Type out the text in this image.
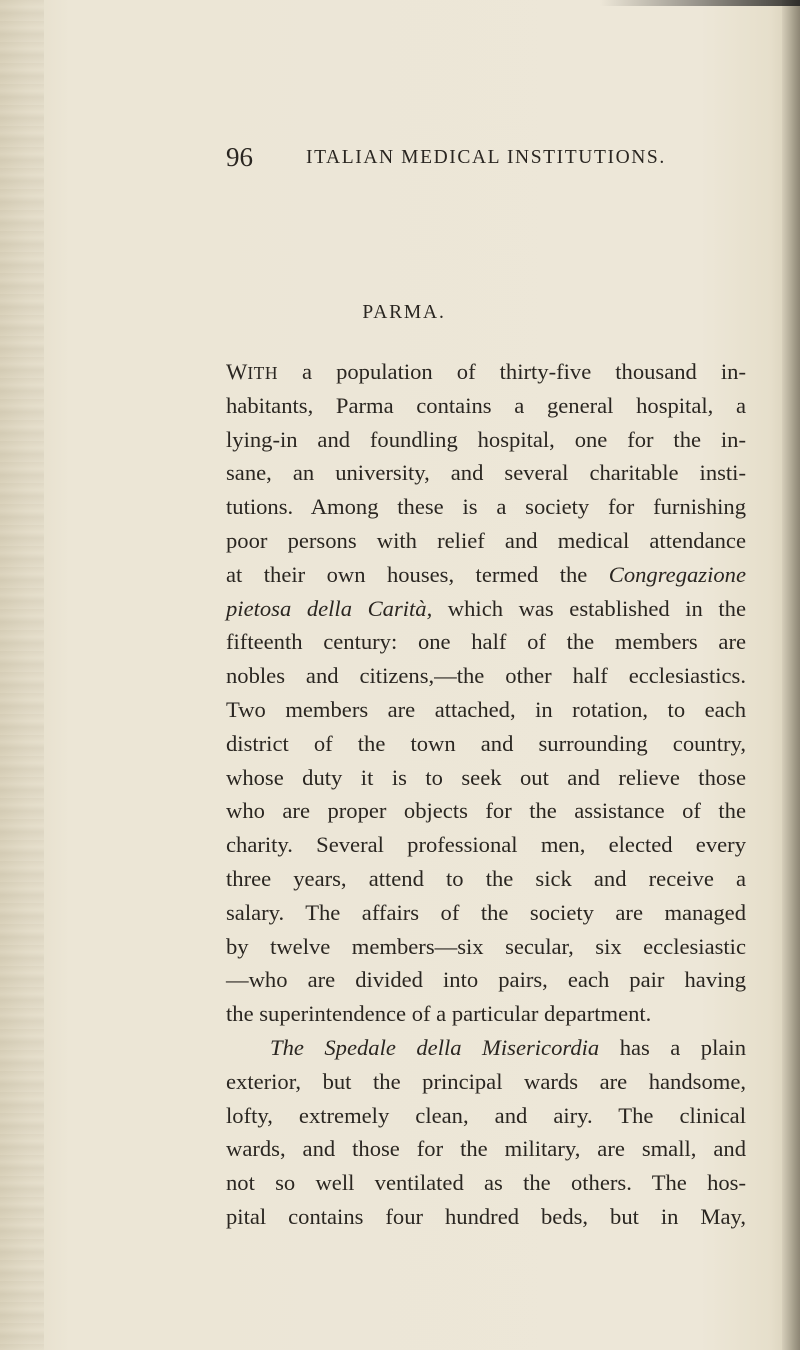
96	ITALIAN MEDICAL INSTITUTIONS.
PARMA.
WITH a population of thirty-five thousand in-
habitants, Parma contains a general hospital, a
lying-in and foundling hospital, one for the in-
sane, an university, and several charitable insti-
tutions. Among these is a society for furnishing
poor persons with relief and medical attendance
at their own houses, termed the Congregazione
pietosa della Carità, which was established in the
fifteenth century: one half of the members are
nobles and citizens,—the other half ecclesiastics.
Two members are attached, in rotation, to each
district of the town and surrounding country,
whose duty it is to seek out and relieve those
who are proper objects for the assistance of the
charity. Several professional men, elected every
three years, attend to the sick and receive a
salary. The affairs of the society are managed
by twelve members—six secular, six ecclesiastic
—who are divided into pairs, each pair having
the superintendence of a particular department.
The Spedale della Misericordia has a plain
exterior, but the principal wards are handsome,
lofty, extremely clean, and airy. The clinical
wards, and those for the military, are small, and
not so well ventilated as the others. The hos-
pital contains four hundred beds, but in May,
